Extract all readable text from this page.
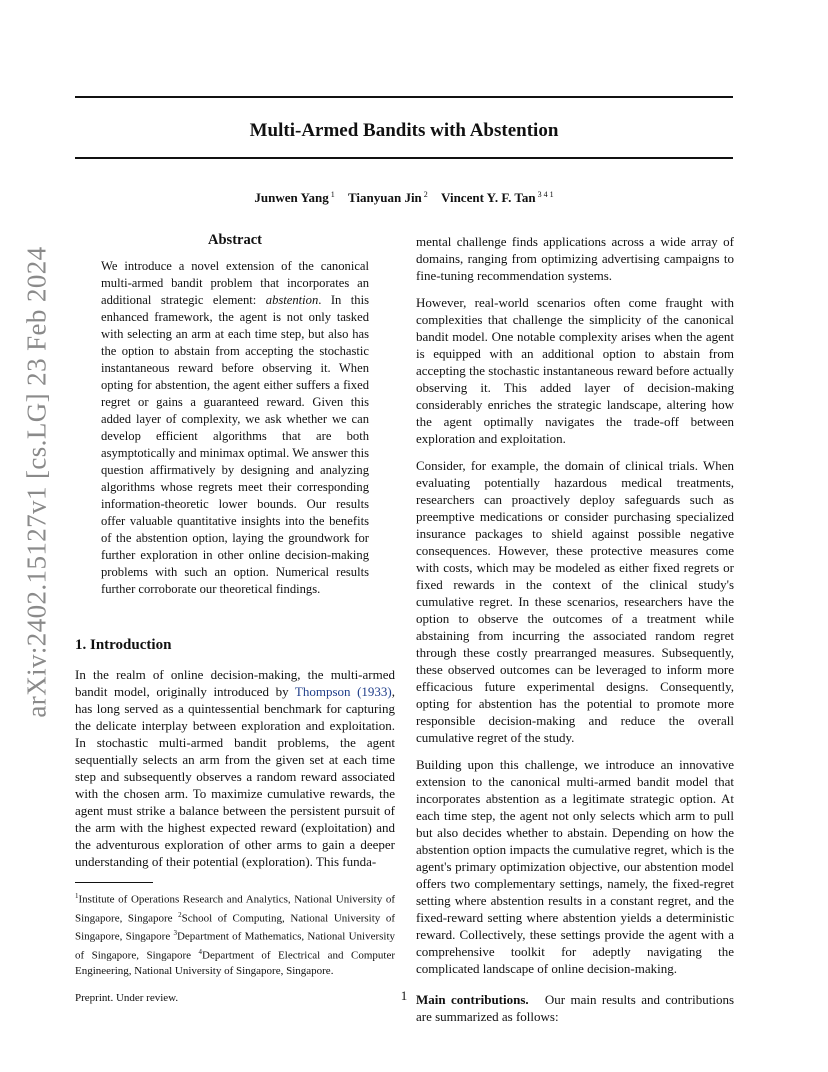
Multi-Armed Bandits with Abstention
Junwen Yang $^1$ Tianyuan Jin $^2$ Vincent Y. F. Tan $^{3 4 1}$
arXiv:2402.15127v1 [cs.LG] 23 Feb 2024
Abstract

We introduce a novel extension of the canonical multi-armed bandit problem that incorporates an additional strategic element: abstention. In this enhanced framework, the agent is not only tasked with selecting an arm at each time step, but also has the option to abstain from accepting the stochastic instantaneous reward before observing it. When opting for abstention, the agent either suffers a fixed regret or gains a guaranteed reward. Given this added layer of complexity, we ask whether we can develop efficient algorithms that are both asymptotically and minimax optimal. We answer this question affirmatively by designing and analyzing algorithms whose regrets meet their corresponding information-theoretic lower bounds. Our results offer valuable quantitative insights into the benefits of the abstention option, laying the groundwork for further exploration in other online decision-making problems with such an option. Numerical results further corroborate our theoretical findings.

1. Introduction

In the realm of online decision-making, the multi-armed bandit model, originally introduced by Thompson (1933), has long served as a quintessential benchmark for capturing the delicate interplay between exploration and exploitation. In stochastic multi-armed bandit problems, the agent sequentially selects an arm from the given set at each time step and subsequently observes a random reward associated with the chosen arm. To maximize cumulative rewards, the agent must strike a balance between the persistent pursuit of the arm with the highest expected reward (exploitation) and the adventurous exploration of other arms to gain a deeper understanding of their potential (exploration). This funda-

$^1$Institute of Operations Research and Analytics, National University of Singapore, Singapore $^2$School of Computing, National University of Singapore, Singapore $^3$Department of Mathematics, National University of Singapore, Singapore $^4$Department of Electrical and Computer Engineering, National University of Singapore, Singapore.
Preprint. Under review.

mental challenge finds applications across a wide array of domains, ranging from optimizing advertising campaigns to fine-tuning recommendation systems.

However, real-world scenarios often come fraught with complexities that challenge the simplicity of the canonical bandit model. One notable complexity arises when the agent is equipped with an additional option to abstain from accepting the stochastic instantaneous reward before actually observing it. This added layer of decision-making considerably enriches the strategic landscape, altering how the agent optimally navigates the trade-off between exploration and exploitation.

Consider, for example, the domain of clinical trials. When evaluating potentially hazardous medical treatments, researchers can proactively deploy safeguards such as preemptive medications or consider purchasing specialized insurance packages to shield against possible negative consequences. However, these protective measures come with costs, which may be modeled as either fixed regrets or fixed rewards in the context of the clinical study's cumulative regret. In these scenarios, researchers have the option to observe the outcomes of a treatment while abstaining from incurring the associated random regret through these costly prearranged measures. Subsequently, these observed outcomes can be leveraged to inform more efficacious future experimental designs. Consequently, opting for abstention has the potential to promote more responsible decision-making and reduce the overall cumulative regret of the study.

Building upon this challenge, we introduce an innovative extension to the canonical multi-armed bandit model that incorporates abstention as a legitimate strategic option. At each time step, the agent not only selects which arm to pull but also decides whether to abstain. Depending on how the abstention option impacts the cumulative regret, which is the agent's primary optimization objective, our abstention model offers two complementary settings, namely, the fixed-regret setting where abstention results in a constant regret, and the fixed-reward setting where abstention yields a deterministic reward. Collectively, these settings provide the agent with a comprehensive toolkit for adeptly navigating the complicated landscape of online decision-making.

Main contributions. Our main results and contributions are summarized as follows:

1
